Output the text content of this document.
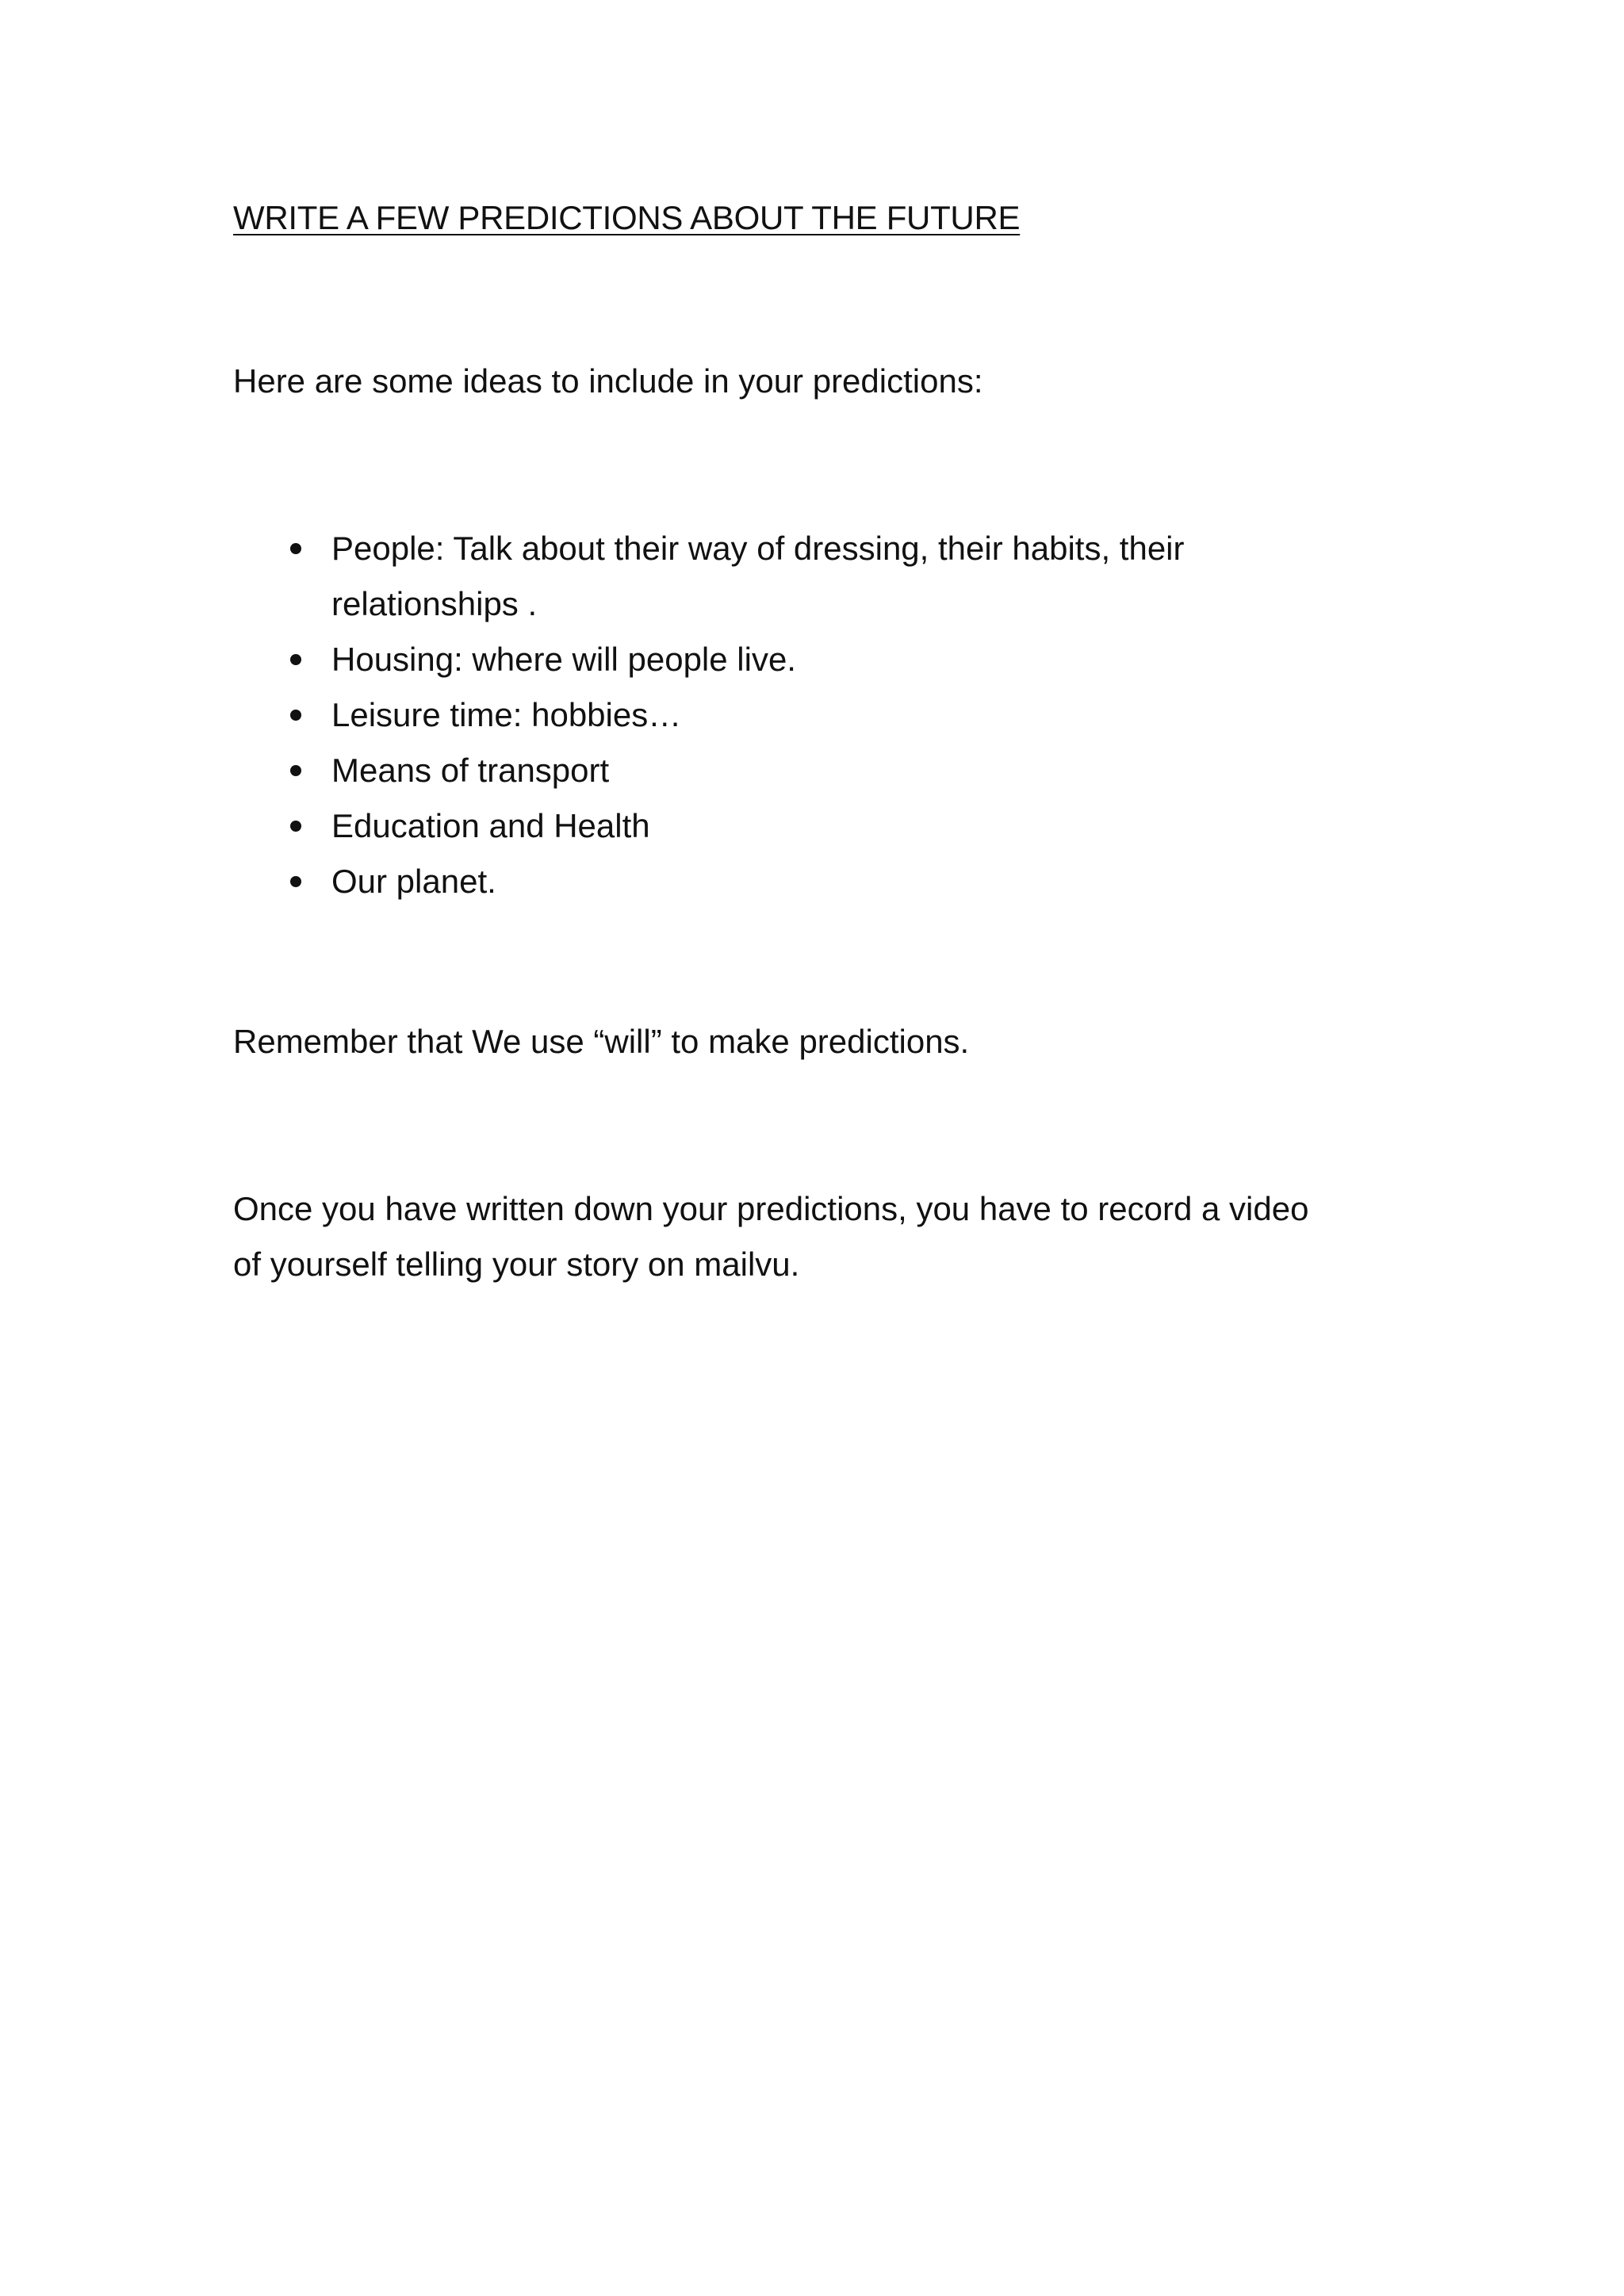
WRITE A FEW PREDICTIONS ABOUT THE FUTURE
Here are some ideas to include in your predictions:
People: Talk about their way of dressing, their habits, their
relationships .
Housing: where will people live.
Leisure time: hobbies…
Means of transport
Education and Health
Our planet.
Remember that We use “will” to make predictions.
Once you have written down your predictions, you have to record a video
of yourself telling your story on mailvu.
